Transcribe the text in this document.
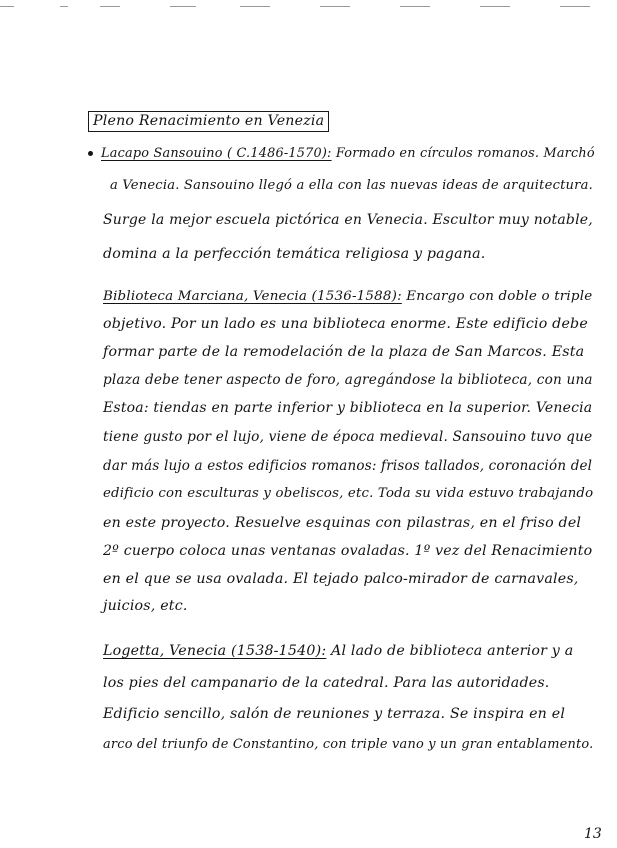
Pleno Renacimiento en Venezia
Lacapo Sansouino ( C.1486-1570): Formado en círculos romanos. Marchó
a Venecia. Sansouino llegó a ella con las nuevas ideas de arquitectura.
Surge la mejor escuela pictórica en Venecia. Escultor muy notable,
domina a la perfección temática religiosa y pagana.
Biblioteca Marciana, Venecia (1536-1588): Encargo con doble o triple
objetivo. Por un lado es una biblioteca enorme. Este edificio debe
formar parte de la remodelación de la plaza de San Marcos. Esta
plaza debe tener aspecto de foro, agregándose la biblioteca, con una
Estoa: tiendas en parte inferior y biblioteca en la superior. Venecia
tiene gusto por el lujo, viene de época medieval. Sansouino tuvo que
dar más lujo a estos edificios romanos: frisos tallados, coronación del
edificio con esculturas y obeliscos, etc. Toda su vida estuvo trabajando
en este proyecto. Resuelve esquinas con pilastras, en el friso del
2º cuerpo coloca unas ventanas ovaladas. 1º vez del Renacimiento
en el que se usa ovalada. El tejado palco-mirador de carnavales,
juicios, etc.
Logetta, Venecia (1538-1540): Al lado de biblioteca anterior y a
los pies del campanario de la catedral. Para las autoridades.
Edificio sencillo, salón de reuniones y terraza. Se inspira en el
arco del triunfo de Constantino, con triple vano y un gran entablamento.
13
